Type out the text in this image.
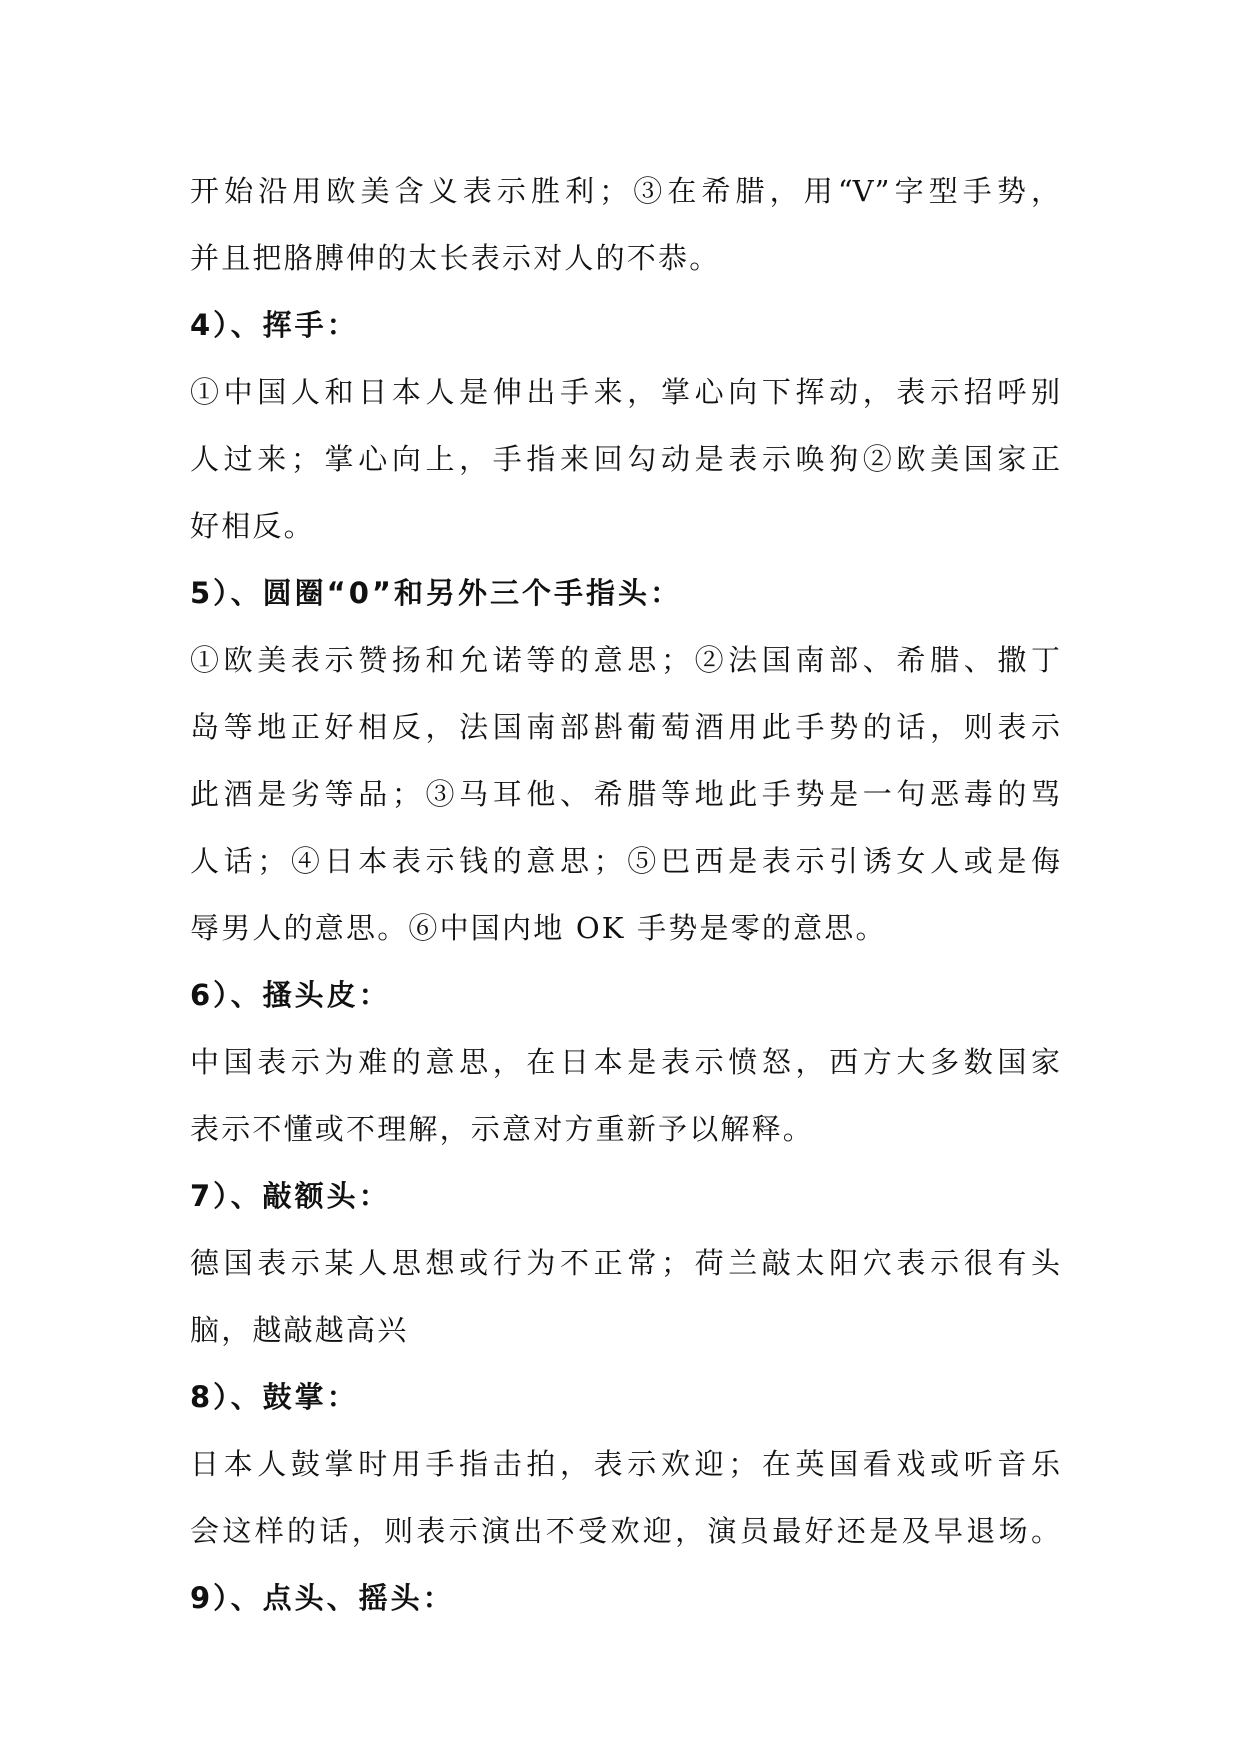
开始沿用欧美含义表示胜利；③在希腊，用“V”字型手势，
并且把胳膊伸的太长表示对人的不恭。
4）、挥手：
①中国人和日本人是伸出手来，掌心向下挥动，表示招呼别
人过来；掌心向上，手指来回勾动是表示唤狗②欧美国家正
好相反。
5）、圆圈“0”和另外三个手指头：
①欧美表示赞扬和允诺等的意思；②法国南部、希腊、撒丁
岛等地正好相反，法国南部斟葡萄酒用此手势的话，则表示
此酒是劣等品；③马耳他、希腊等地此手势是一句恶毒的骂
人话；④日本表示钱的意思；⑤巴西是表示引诱女人或是侮
辱男人的意思。⑥中国内地 OK 手势是零的意思。
6）、搔头皮：
中国表示为难的意思，在日本是表示愤怒，西方大多数国家
表示不懂或不理解，示意对方重新予以解释。
7）、敲额头：
德国表示某人思想或行为不正常；荷兰敲太阳穴表示很有头
脑，越敲越高兴
8）、鼓掌：
日本人鼓掌时用手指击拍，表示欢迎；在英国看戏或听音乐
会这样的话，则表示演出不受欢迎，演员最好还是及早退场。
9）、点头、摇头：
